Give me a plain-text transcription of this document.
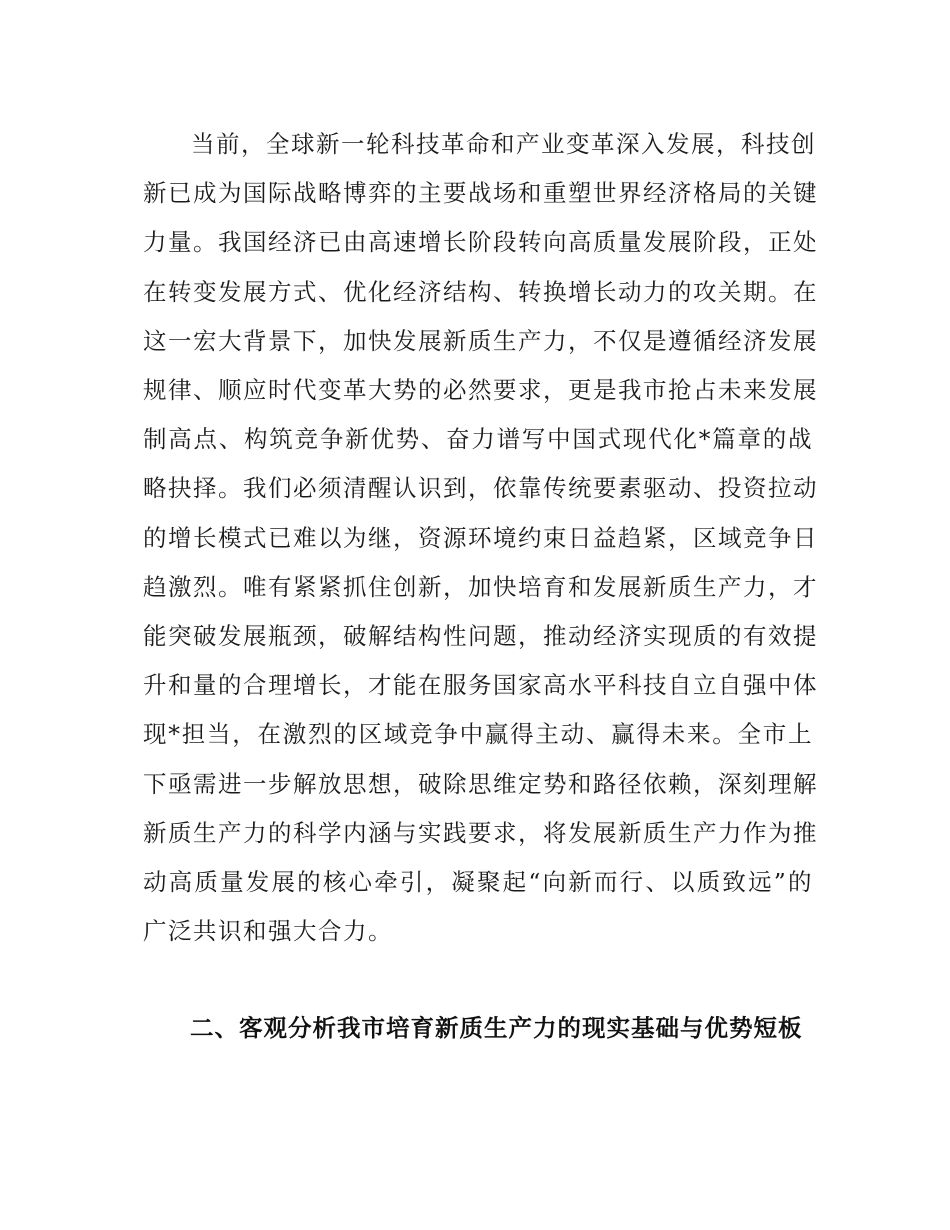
当前，全球新一轮科技革命和产业变革深入发展，科技创
新已成为国际战略博弈的主要战场和重塑世界经济格局的关键
力量。我国经济已由高速增长阶段转向高质量发展阶段，正处
在转变发展方式、优化经济结构、转换增长动力的攻关期。在
这一宏大背景下，加快发展新质生产力，不仅是遵循经济发展
规律、顺应时代变革大势的必然要求，更是我市抢占未来发展
制高点、构筑竞争新优势、奋力谱写中国式现代化*篇章的战
略抉择。我们必须清醒认识到，依靠传统要素驱动、投资拉动
的增长模式已难以为继，资源环境约束日益趋紧，区域竞争日
趋激烈。唯有紧紧抓住创新，加快培育和发展新质生产力，才
能突破发展瓶颈，破解结构性问题，推动经济实现质的有效提
升和量的合理增长，才能在服务国家高水平科技自立自强中体
现*担当，在激烈的区域竞争中赢得主动、赢得未来。全市上
下亟需进一步解放思想，破除思维定势和路径依赖，深刻理解
新质生产力的科学内涵与实践要求，将发展新质生产力作为推
动高质量发展的核心牵引，凝聚起“向新而行、以质致远”的
广泛共识和强大合力。

二、客观分析我市培育新质生产力的现实基础与优势短板
